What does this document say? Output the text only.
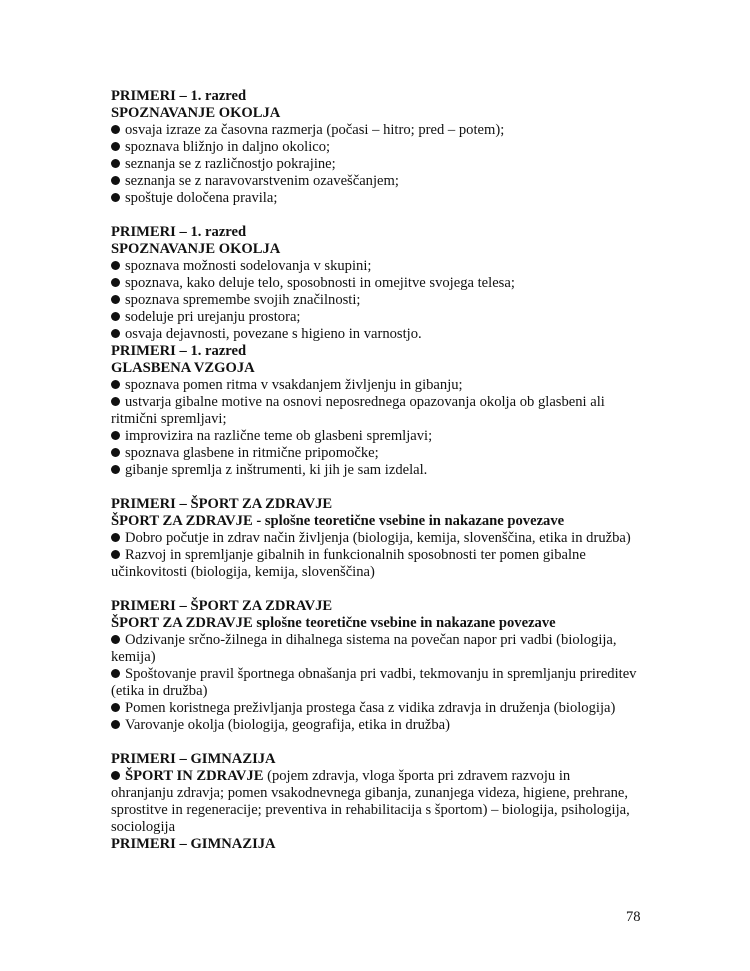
PRIMERI – 1. razred
SPOZNAVANJE OKOLJA
osvaja izraze za časovna razmerja (počasi – hitro; pred – potem);
spoznava bližnjo in daljno okolico;
seznanja se z različnostjo pokrajine;
seznanja se z naravovarstvenim ozaveščanjem;
spoštuje določena pravila;
PRIMERI – 1. razred
SPOZNAVANJE OKOLJA
spoznava možnosti sodelovanja v skupini;
spoznava, kako deluje telo, sposobnosti in omejitve svojega telesa;
spoznava spremembe svojih značilnosti;
sodeluje pri urejanju prostora;
osvaja dejavnosti, povezane s higieno in varnostjo.
PRIMERI – 1. razred
GLASBENA VZGOJA
spoznava pomen ritma v vsakdanjem življenju in gibanju;
ustvarja gibalne motive na osnovi neposrednega opazovanja okolja ob glasbeni ali
ritmični spremljavi;
improvizira na različne teme ob glasbeni spremljavi;
spoznava glasbene in ritmične pripomočke;
gibanje spremlja z inštrumenti, ki jih je sam izdelal.
PRIMERI – ŠPORT ZA ZDRAVJE
ŠPORT ZA ZDRAVJE - splošne teoretične vsebine in nakazane povezave
Dobro počutje in zdrav način življenja (biologija, kemija, slovenščina, etika in družba)
Razvoj in spremljanje gibalnih in funkcionalnih sposobnosti ter pomen gibalne
učinkovitosti (biologija, kemija, slovenščina)
PRIMERI – ŠPORT ZA ZDRAVJE
ŠPORT ZA ZDRAVJE splošne teoretične vsebine in nakazane povezave
Odzivanje srčno-žilnega in dihalnega sistema na povečan napor pri vadbi (biologija,
kemija)
Spoštovanje pravil športnega obnašanja pri vadbi, tekmovanju in spremljanju prireditev
(etika in družba)
Pomen koristnega preživljanja prostega časa z vidika zdravja in druženja (biologija)
Varovanje okolja (biologija, geografija, etika in družba)
PRIMERI – GIMNAZIJA
ŠPORT IN ZDRAVJE (pojem zdravja, vloga športa pri zdravem razvoju in
ohranjanju zdravja; pomen vsakodnevnega gibanja, zunanjega videza, higiene, prehrane,
sprostitve in regeneracije; preventiva in rehabilitacija s športom) – biologija, psihologija,
sociologija
PRIMERI – GIMNAZIJA
78
